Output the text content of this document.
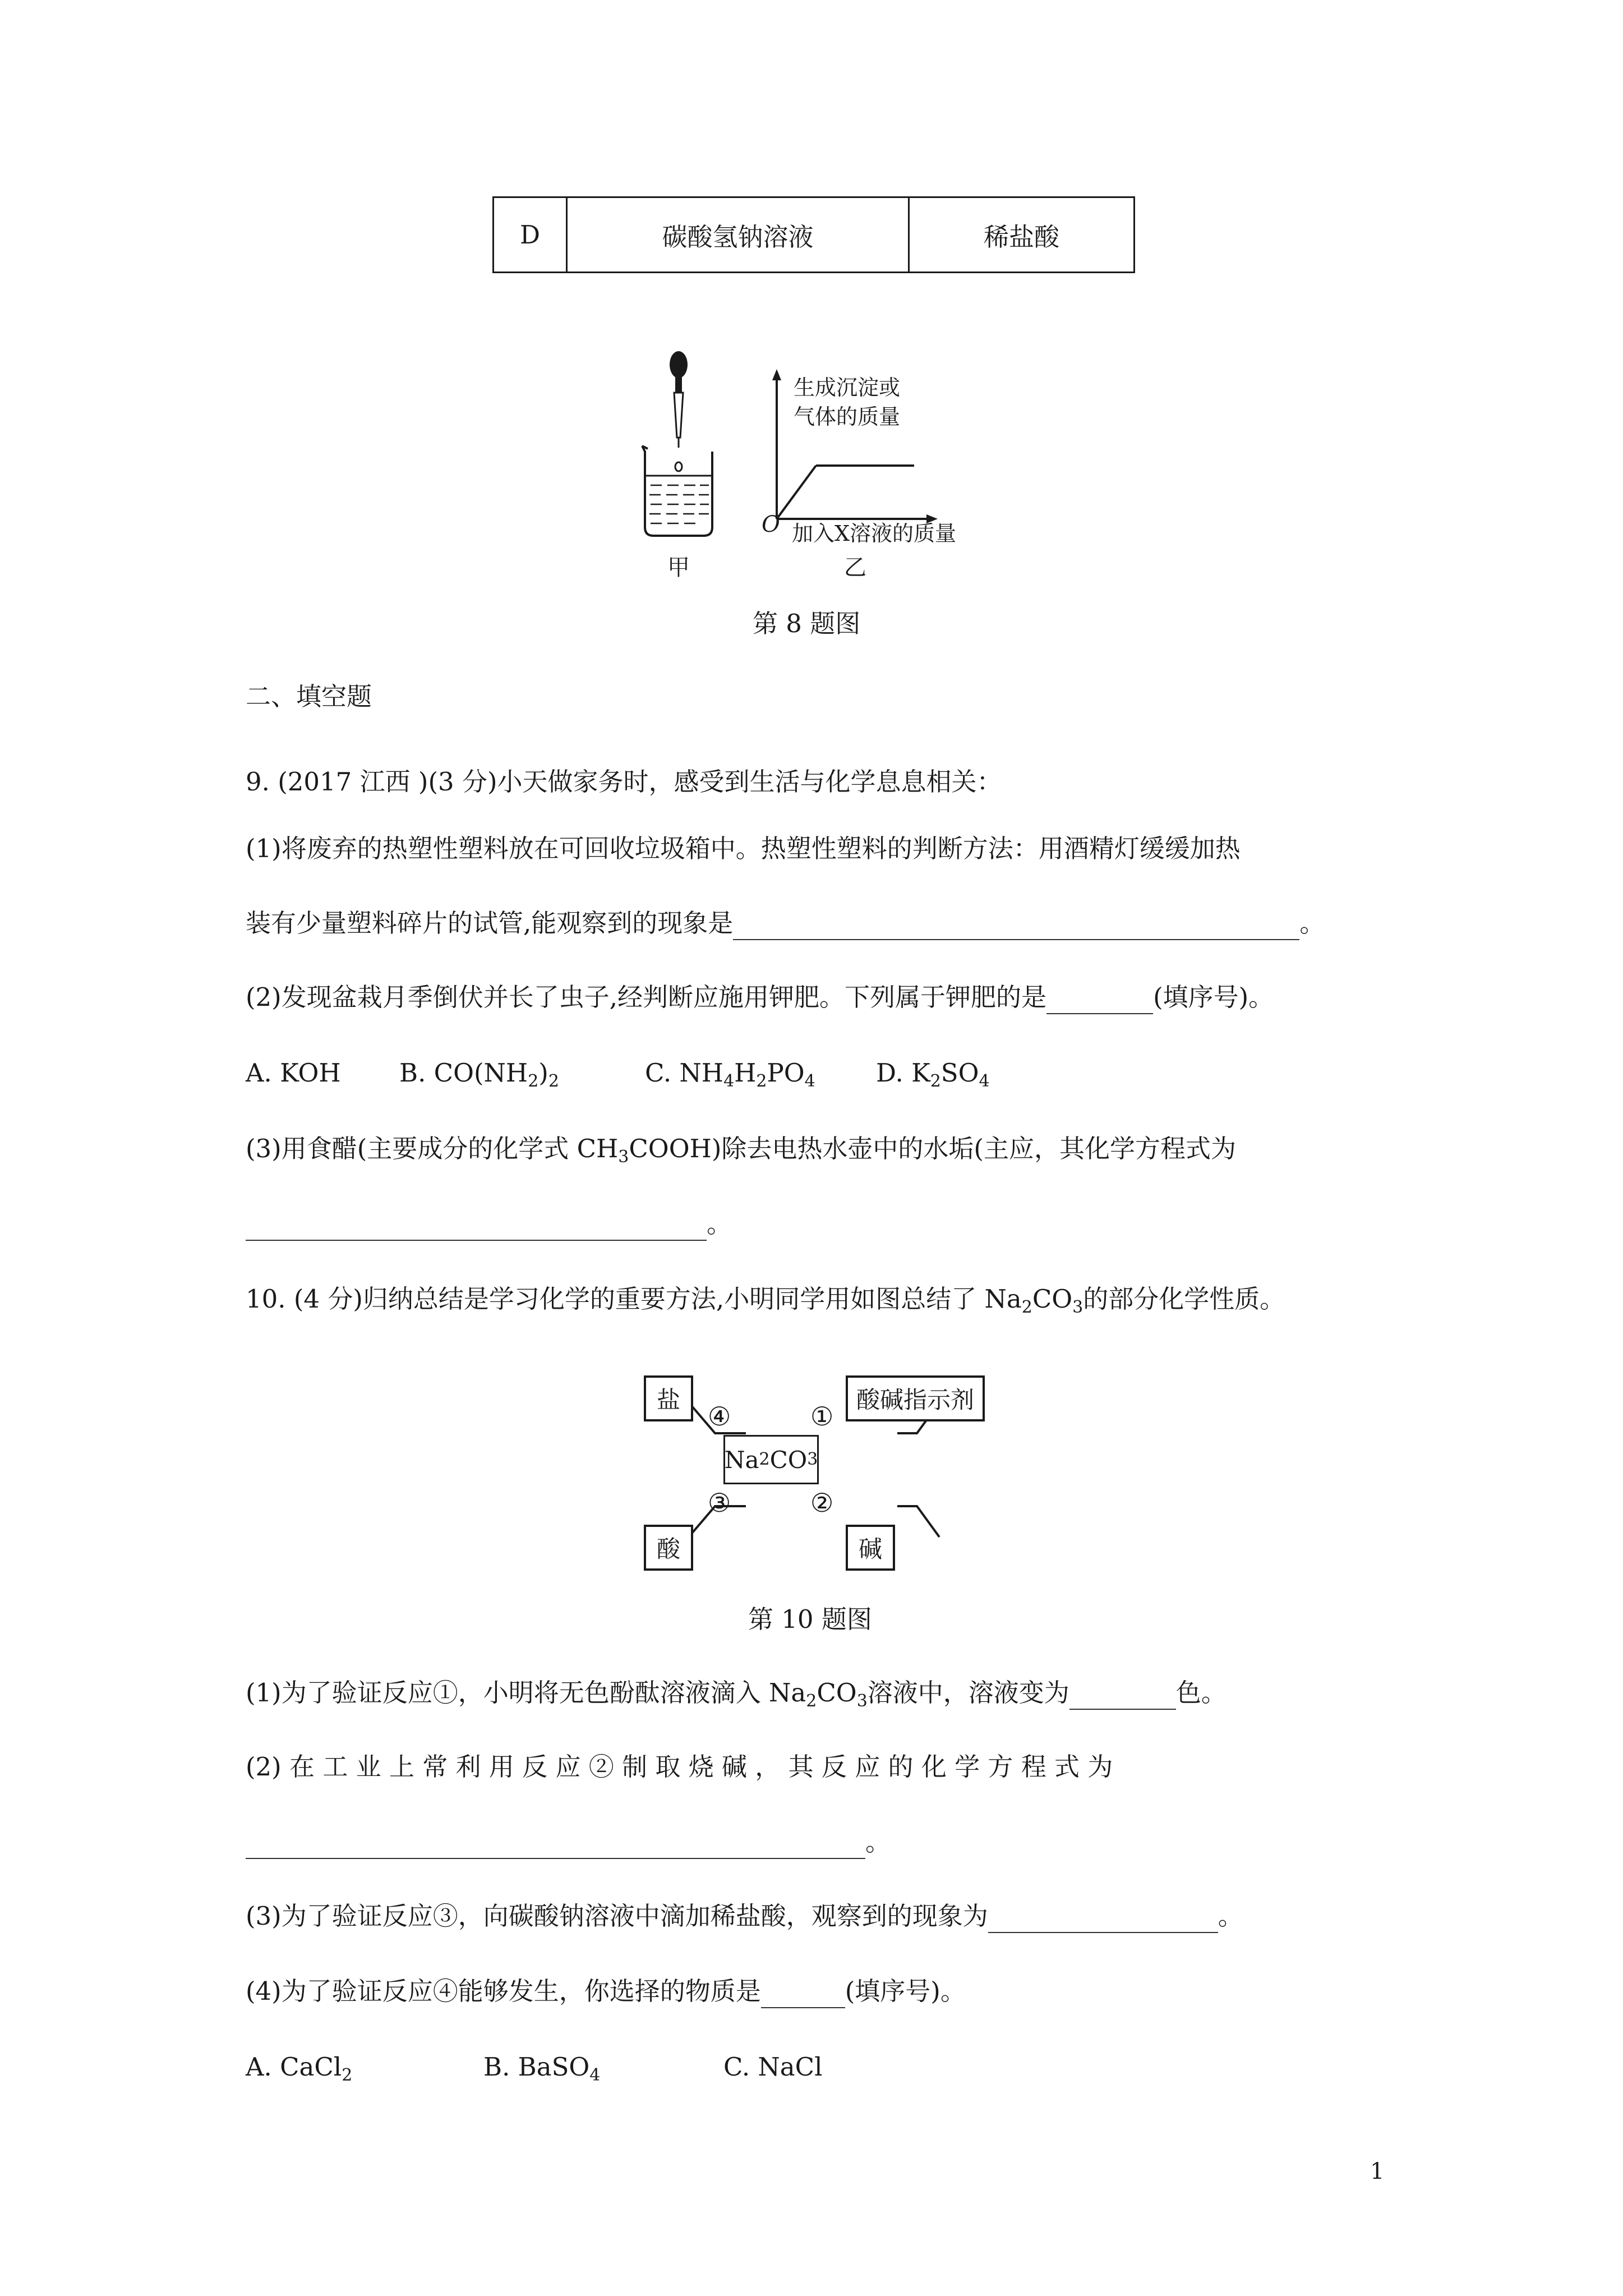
D	碳酸氢钠溶液	稀盐酸
甲	乙
生成沉淀或
气体的质量
O 加入X溶液的质量
第 8 题图
二、填空题
9. (2017 江西 )(3 分)小天做家务时，感受到生活与化学息息相关：
(1)将废弃的热塑性塑料放在可回收垃圾箱中。热塑性塑料的判断方法：用酒精灯缓缓加热
装有少量塑料碎片的试管,能观察到的现象是	。
(2)发现盆栽月季倒伏并长了虫子,经判断应施用钾肥。下列属于钾肥的是	(填序号)。
A. KOH B. $CO(NH_2)_2$	C. $NH_4H_2PO_4$ D. $K_2SO_4$
(3)用食醋(主要成分的化学式 $CH_3COOH$)除去电热水壶中的水垢(主应，其化学方程式为
。
10. (4 分)归纳总结是学习化学的重要方法,小明同学用如图总结了 $Na_2CO_3$的部分化学性质。
盐	酸碱指示剂
酸	碱
Na 2 CO 3
④	①
③	②
第 10 题图
(1)为了验证反应①，小明将无色酚酞溶液滴入 $Na_2CO_3$溶液中，溶液变为	色。
(2) 在 工 业 上 常 利 用 反 应 ② 制 取 烧 碱 ， 其 反 应 的 化 学 方 程 式 为
。
(3)为了验证反应③，向碳酸钠溶液中滴加稀盐酸，观察到的现象为	。
(4)为了验证反应④能够发生，你选择的物质是	(填序号)。
A. CaCl$_2$	B. BaSO$_4$	C. NaCl
1
